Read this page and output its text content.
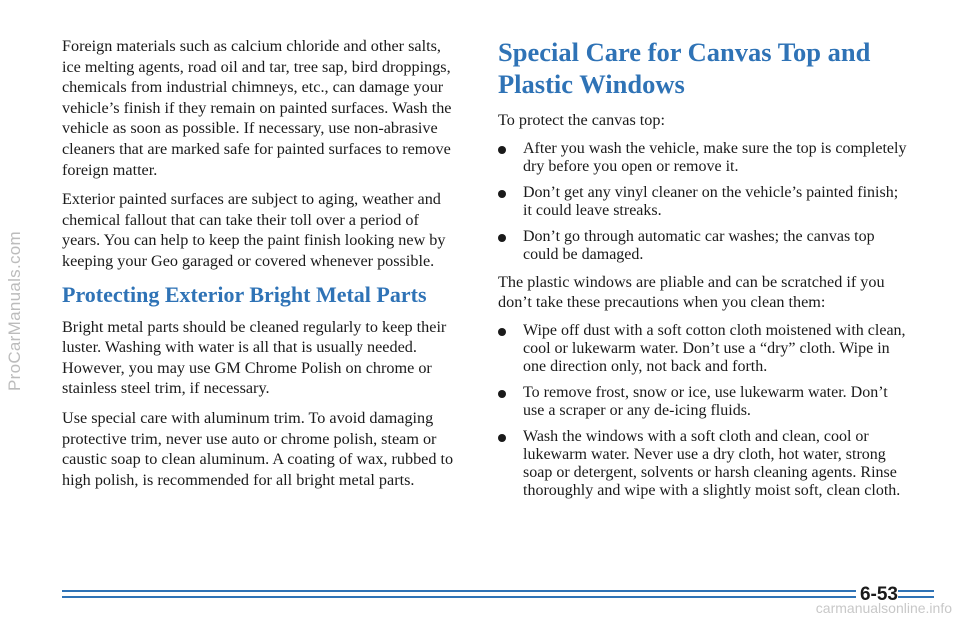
ProCarManuals.com

Foreign materials such as calcium chloride and other salts, ice melting agents, road oil and tar, tree sap, bird droppings, chemicals from industrial chimneys, etc., can damage your vehicle’s finish if they remain on painted surfaces. Wash the vehicle as soon as possible. If necessary, use non-abrasive cleaners that are marked safe for painted surfaces to remove foreign matter.

Exterior painted surfaces are subject to aging, weather and chemical fallout that can take their toll over a period of years. You can help to keep the paint finish looking new by keeping your Geo garaged or covered whenever possible.

Protecting Exterior Bright Metal Parts

Bright metal parts should be cleaned regularly to keep their luster. Washing with water is all that is usually needed. However, you may use GM Chrome Polish on chrome or stainless steel trim, if necessary.

Use special care with aluminum trim. To avoid damaging protective trim, never use auto or chrome polish, steam or caustic soap to clean aluminum. A coating of wax, rubbed to high polish, is recommended for all bright metal parts.

Special Care for Canvas Top and Plastic Windows

To protect the canvas top:

After you wash the vehicle, make sure the top is completely dry before you open or remove it.
Don’t get any vinyl cleaner on the vehicle’s painted finish; it could leave streaks.
Don’t go through automatic car washes; the canvas top could be damaged.

The plastic windows are pliable and can be scratched if you don’t take these precautions when you clean them:

Wipe off dust with a soft cotton cloth moistened with clean, cool or lukewarm water. Don’t use a “dry” cloth. Wipe in one direction only, not back and forth.
To remove frost, snow or ice, use lukewarm water. Don’t use a scraper or any de-icing fluids.
Wash the windows with a soft cloth and clean, cool or lukewarm water. Never use a dry cloth, hot water, strong soap or detergent, solvents or harsh cleaning agents. Rinse thoroughly and wipe with a slightly moist soft, clean cloth.
6-53
carmanualsonline.info
